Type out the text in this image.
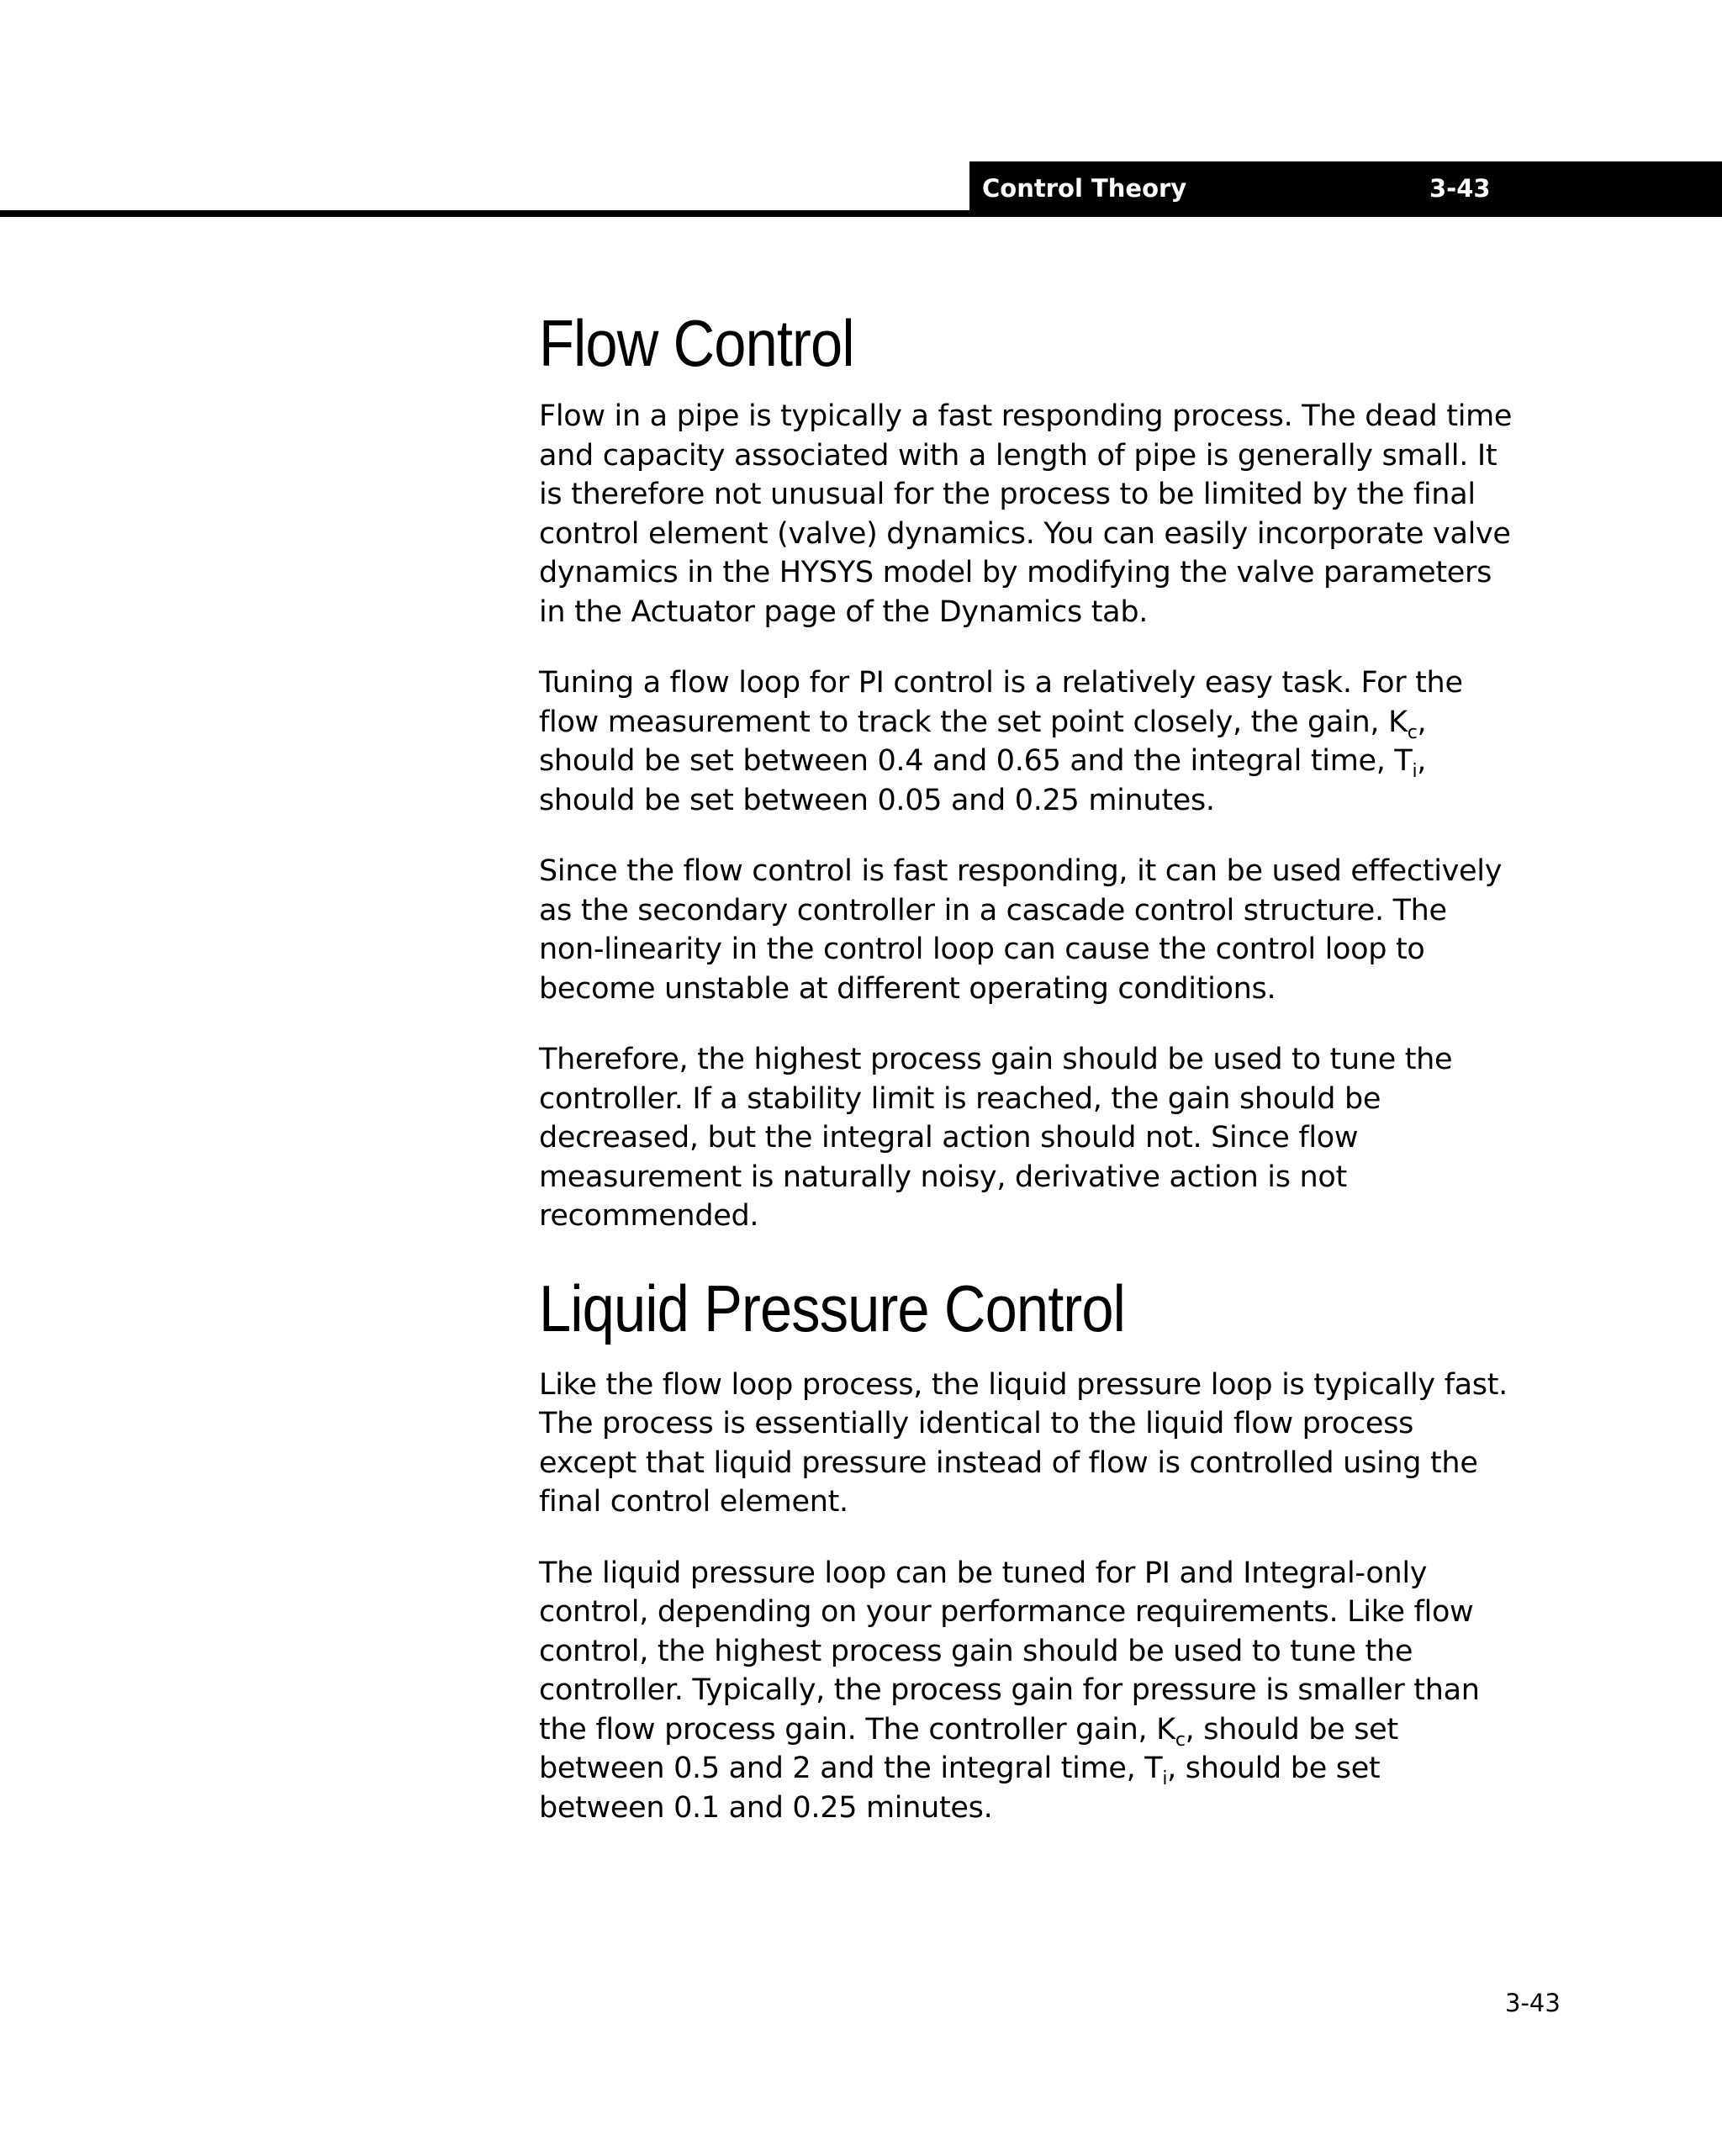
Control Theory	3-43
Flow Control

Flow in a pipe is typically a fast responding process. The dead time and capacity associated with a length of pipe is generally small. It is therefore not unusual for the process to be limited by the final control element (valve) dynamics. You can easily incorporate valve dynamics in the HYSYS model by modifying the valve parameters in the Actuator page of the Dynamics tab.

Tuning a flow loop for PI control is a relatively easy task. For the flow measurement to track the set point closely, the gain, $K_c$, should be set between 0.4 and 0.65 and the integral time, $T_i$, should be set between 0.05 and 0.25 minutes.

Since the flow control is fast responding, it can be used effectively as the secondary controller in a cascade control structure. The non-linearity in the control loop can cause the control loop to become unstable at different operating conditions.

Therefore, the highest process gain should be used to tune the controller. If a stability limit is reached, the gain should be decreased, but the integral action should not. Since flow measurement is naturally noisy, derivative action is not recommended.

Liquid Pressure Control

Like the flow loop process, the liquid pressure loop is typically fast. The process is essentially identical to the liquid flow process except that liquid pressure instead of flow is controlled using the final control element.

The liquid pressure loop can be tuned for PI and Integral-only control, depending on your performance requirements. Like flow control, the highest process gain should be used to tune the controller. Typically, the process gain for pressure is smaller than the flow process gain. The controller gain, $K_c$, should be set between 0.5 and 2 and the integral time, $T_i$, should be set between 0.1 and 0.25 minutes.

3-43
